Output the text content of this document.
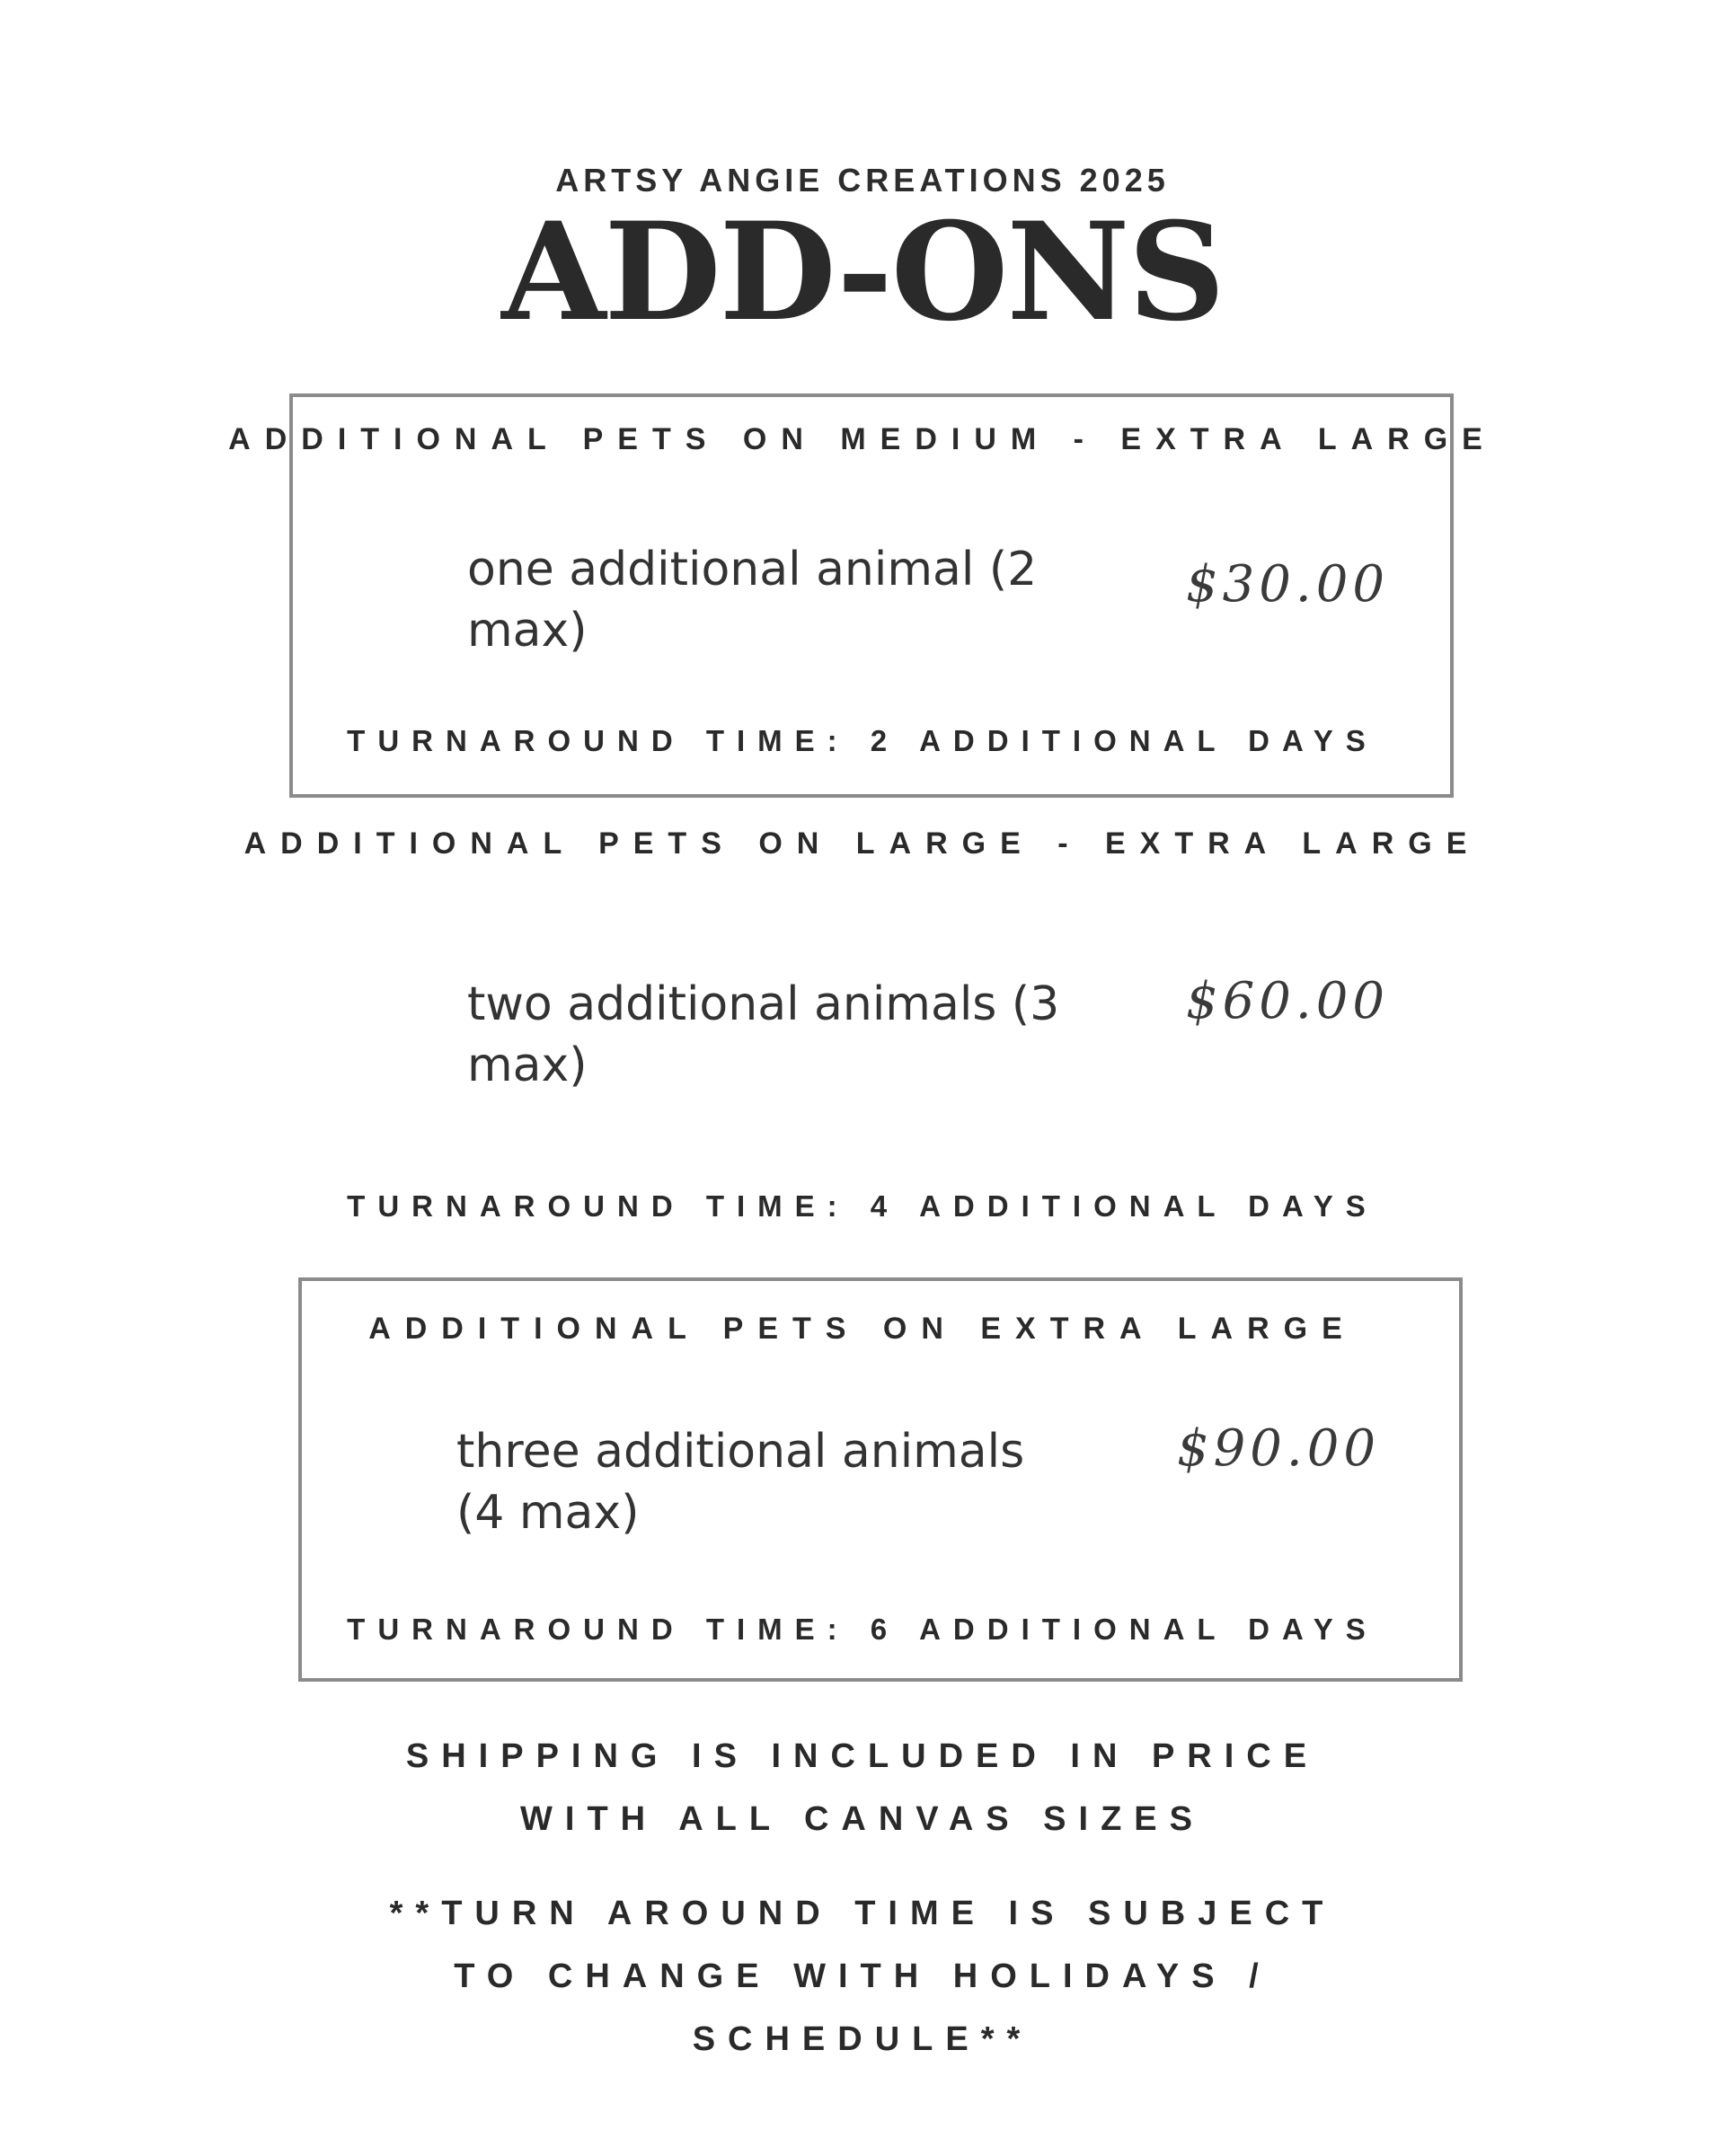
ARTSY ANGIE CREATIONS 2025
ADD-ONS
ADDITIONAL PETS ON MEDIUM - EXTRA LARGE
one additional animal (2
max)
$30.00
TURNAROUND TIME: 2 ADDITIONAL DAYS
ADDITIONAL PETS ON LARGE - EXTRA LARGE
two additional animals (3
max)
$60.00
TURNAROUND TIME: 4 ADDITIONAL DAYS
ADDITIONAL PETS ON EXTRA LARGE
three additional animals
(4 max)
$90.00
TURNAROUND TIME: 6 ADDITIONAL DAYS
SHIPPING IS INCLUDED IN PRICE
WITH ALL CANVAS SIZES
**TURN AROUND TIME IS SUBJECT
TO CHANGE WITH HOLIDAYS /
SCHEDULE**
